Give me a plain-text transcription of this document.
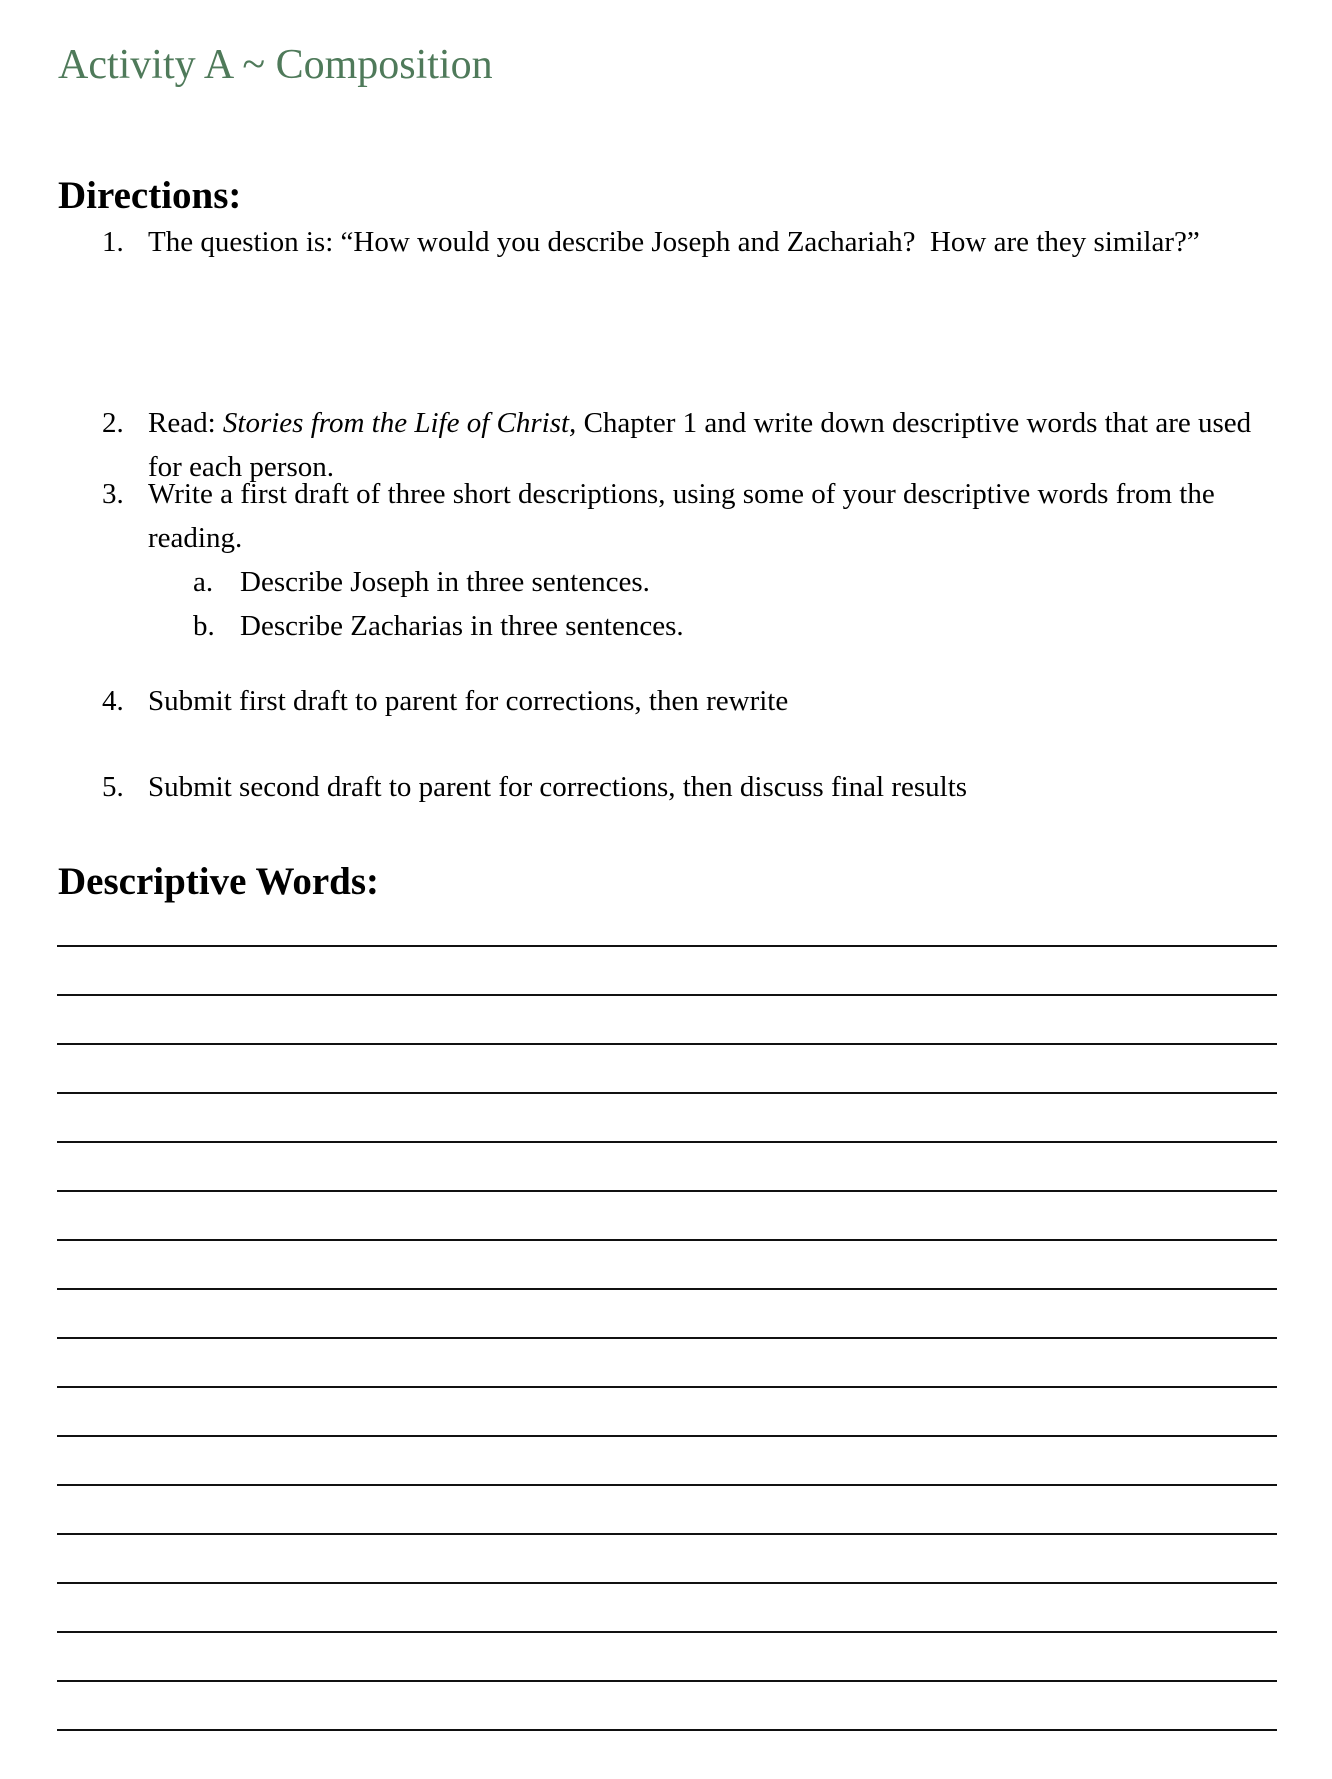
Activity A ~ Composition
Directions:
1. The question is: “How would you describe Joseph and Zachariah?  How are they similar?”
2. Read: Stories from the Life of Christ, Chapter 1 and write down descriptive words that are used for each person.
3. Write a first draft of three short descriptions, using some of your descriptive words from the reading.
a. Describe Joseph in three sentences.
b. Describe Zacharias in three sentences.
4. Submit first draft to parent for corrections, then rewrite
5. Submit second draft to parent for corrections, then discuss final results
Descriptive Words:
